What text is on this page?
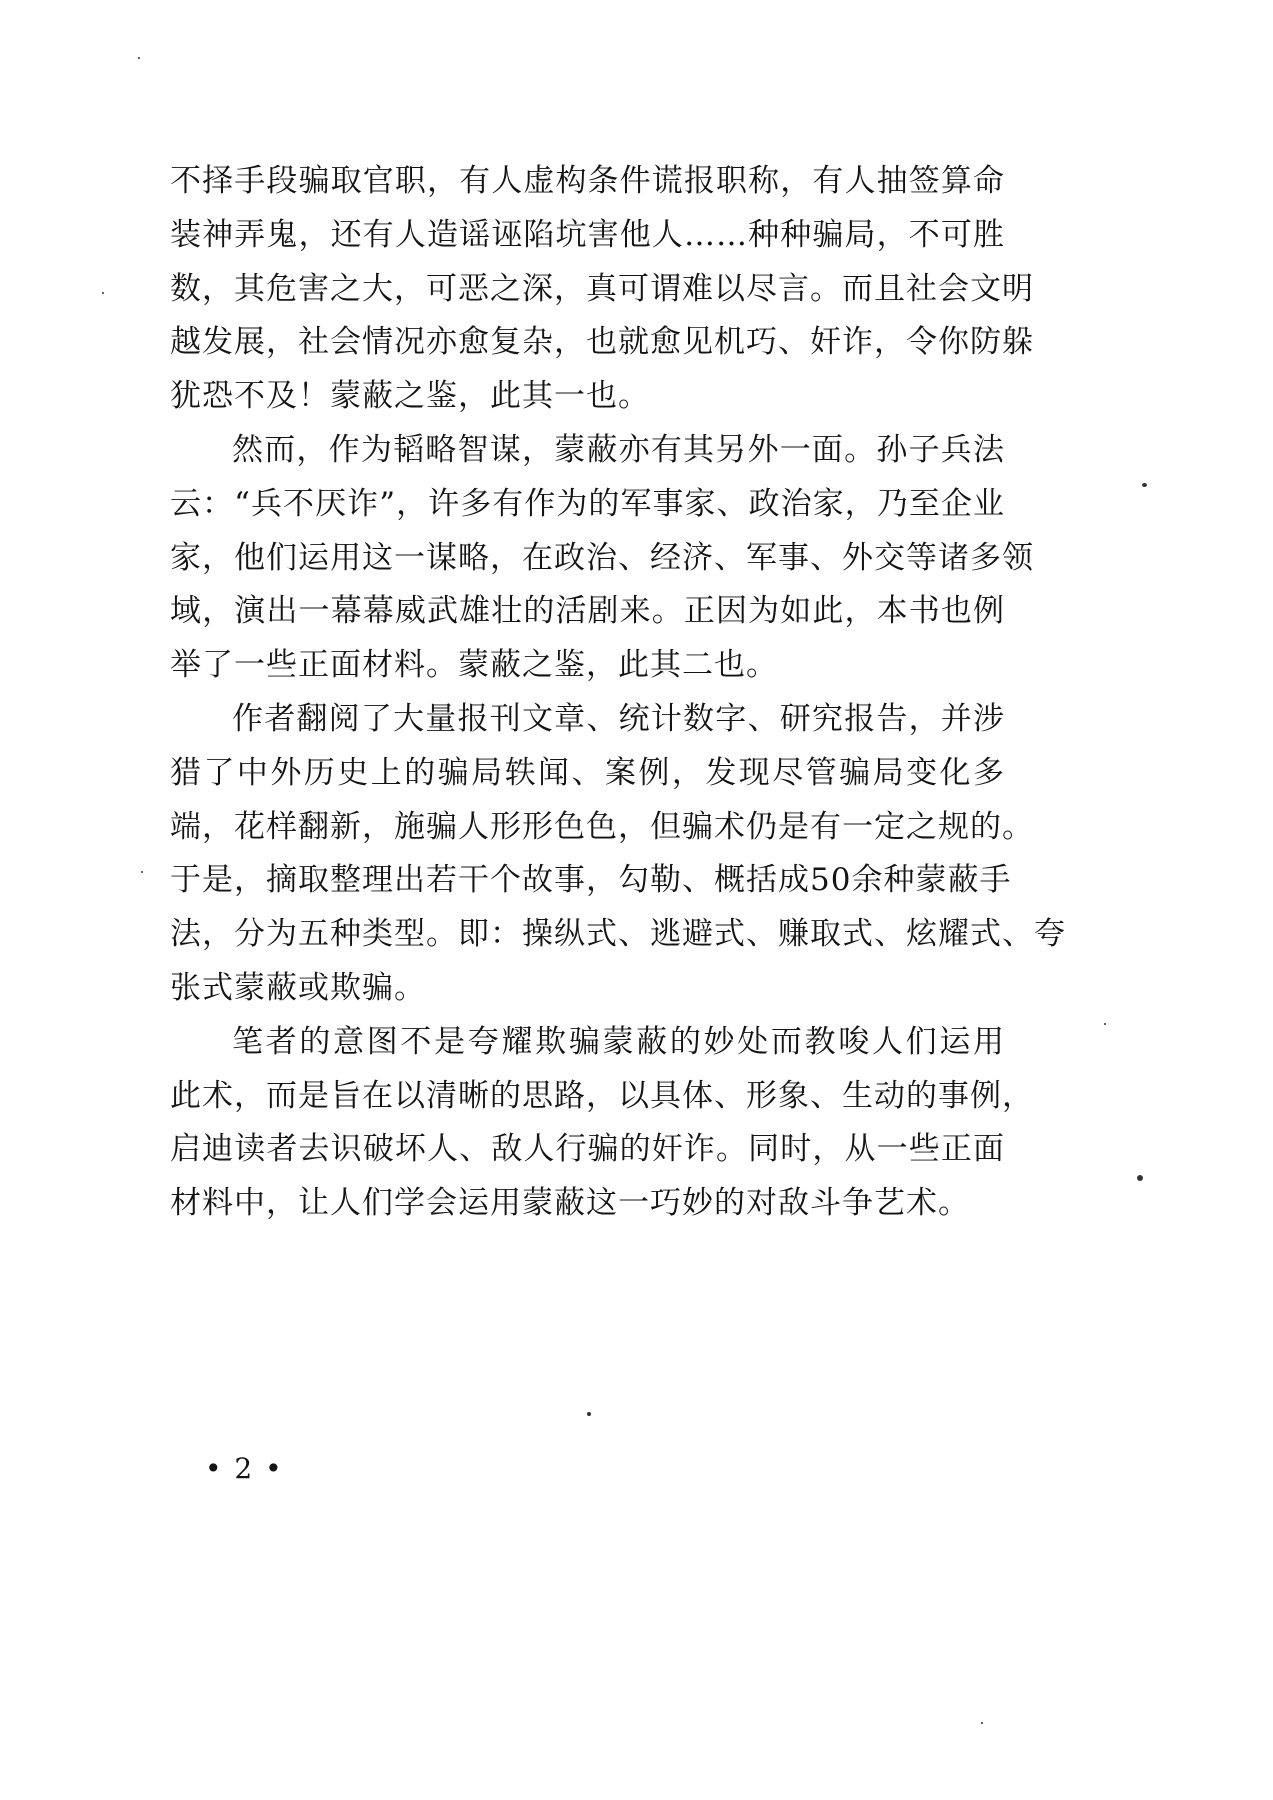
不择手段骗取官职，有人虚构条件谎报职称，有人抽签算命
装神弄鬼，还有人造谣诬陷坑害他人……种种骗局，不可胜
数，其危害之大，可恶之深，真可谓难以尽言。而且社会文明
越发展，社会情况亦愈复杂，也就愈见机巧、奸诈，令你防躲
犹恐不及！蒙蔽之鉴，此其一也。
然而，作为韬略智谋，蒙蔽亦有其另外一面。孙子兵法
云：“兵不厌诈”，许多有作为的军事家、政治家，乃至企业
家，他们运用这一谋略，在政治、经济、军事、外交等诸多领
域，演出一幕幕威武雄壮的活剧来。正因为如此，本书也例
举了一些正面材料。蒙蔽之鉴，此其二也。
作者翻阅了大量报刊文章、统计数字、研究报告，并涉
猎了中外历史上的骗局轶闻、案例，发现尽管骗局变化多
端，花样翻新，施骗人形形色色，但骗术仍是有一定之规的。
于是，摘取整理出若干个故事，勾勒、概括成50余种蒙蔽手
法，分为五种类型。即：操纵式、逃避式、赚取式、炫耀式、夸
张式蒙蔽或欺骗。
笔者的意图不是夸耀欺骗蒙蔽的妙处而教唆人们运用
此术，而是旨在以清晰的思路，以具体、形象、生动的事例，
启迪读者去识破坏人、敌人行骗的奸诈。同时，从一些正面
材料中，让人们学会运用蒙蔽这一巧妙的对敌斗争艺术。
• 2 •
